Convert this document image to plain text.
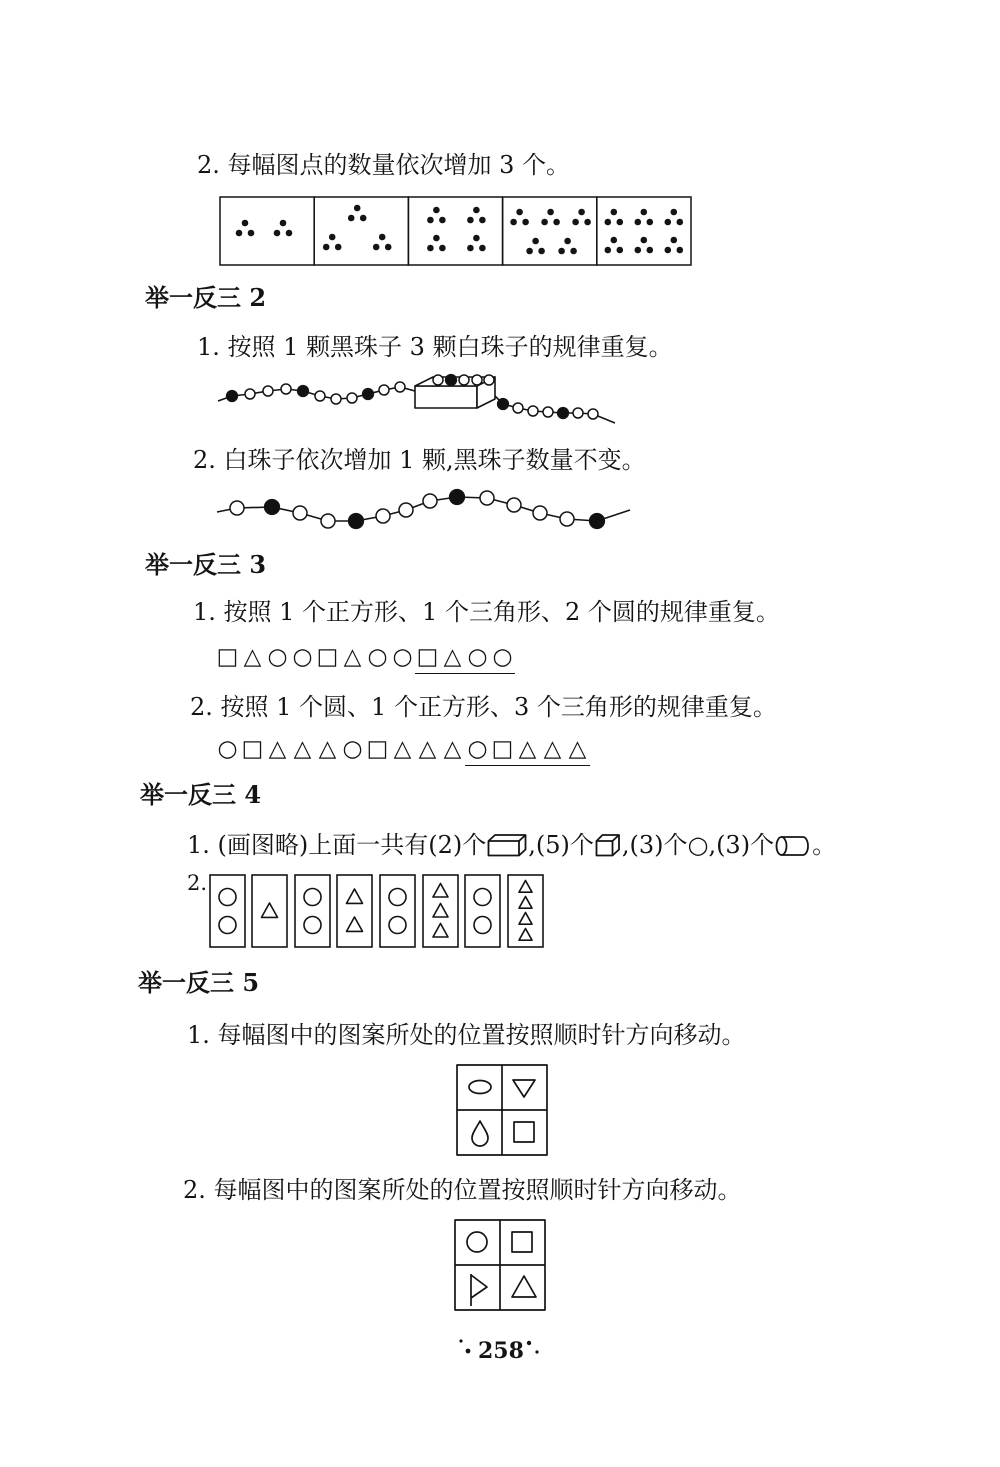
2. 每幅图点的数量依次增加 3 个。
举一反三 2
1. 按照 1 颗黑珠子 3 颗白珠子的规律重复。
2. 白珠子依次增加 1 颗,黑珠子数量不变。
举一反三 3
1. 按照 1 个正方形、1 个三角形、2 个圆的规律重复。
□ △ ○ ○ □ △ ○ ○ □ △ ○ ○
2. 按照 1 个圆、1 个正方形、3 个三角形的规律重复。
○ □ △ △ △ ○ □ △ △ △ ○ □ △ △ △
举一反三 4
1. (画图略)上面一共有(2)个 ,(5)个 ,(3)个○,(3)个 。
2.
举一反三 5
1. 每幅图中的图案所处的位置按照顺时针方向移动。
2. 每幅图中的图案所处的位置按照顺时针方向移动。
258
